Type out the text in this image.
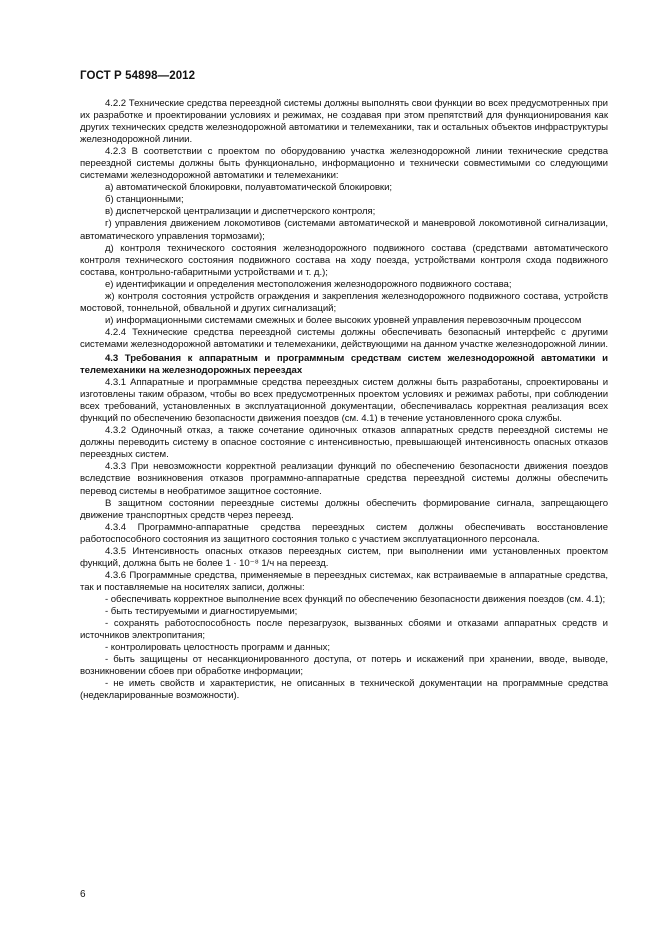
ГОСТ Р 54898—2012

4.2.2 Технические средства переездной системы должны выполнять свои функции во всех предусмотренных при их разработке и проектировании условиях и режимах, не создавая при этом препятствий для функционирования как других технических средств железнодорожной автоматики и телемеханики, так и остальных объектов инфраструктуры железнодорожной линии.

4.2.3 В соответствии с проектом по оборудованию участка железнодорожной линии технические средства переездной системы должны быть функционально, информационно и технически совместимыми со следующими системами железнодорожной автоматики и телемеханики:

а) автоматической блокировки, полуавтоматической блокировки;

б) станционными;

в) диспетчерской централизации и диспетчерского контроля;

г) управления движением локомотивов (системами автоматической и маневровой локомотивной сигнализации, автоматического управления тормозами);

д) контроля технического состояния железнодорожного подвижного состава (средствами автоматического контроля технического состояния подвижного состава на ходу поезда, устройствами контроля схода подвижного состава, контрольно-габаритными устройствами и т. д.);

е) идентификации и определения местоположения железнодорожного подвижного состава;

ж) контроля состояния устройств ограждения и закрепления железнодорожного подвижного состава, устройств мостовой, тоннельной, обвальной и других сигнализаций;

и) информационными системами смежных и более высоких уровней управления перевозочным процессом

4.2.4 Технические средства переездной системы должны обеспечивать безопасный интерфейс с другими системами железнодорожной автоматики и телемеханики, действующими на данном участке железнодорожной линии.

4.3 Требования к аппаратным и программным средствам систем железнодорожной автоматики и телемеханики на железнодорожных переездах

4.3.1 Аппаратные и программные средства переездных систем должны быть разработаны, спроектированы и изготовлены таким образом, чтобы во всех предусмотренных проектом условиях и режимах работы, при соблюдении всех требований, установленных в эксплуатационной документации, обеспечивалась корректная реализация всех функций по обеспечению безопасности движения поездов (см. 4.1) в течение установленного срока службы.

4.3.2 Одиночный отказ, а также сочетание одиночных отказов аппаратных средств переездной системы не должны переводить систему в опасное состояние с интенсивностью, превышающей интенсивность опасных отказов переездных систем.

4.3.3 При невозможности корректной реализации функций по обеспечению безопасности движения поездов вследствие возникновения отказов программно-аппаратные средства переездной системы должны обеспечить перевод системы в необратимое защитное состояние.

В защитном состоянии переездные системы должны обеспечить формирование сигнала, запрещающего движение транспортных средств через переезд.

4.3.4 Программно-аппаратные средства переездных систем должны обеспечивать восстановление работоспособного состояния из защитного состояния только с участием эксплуатационного персонала.

4.3.5 Интенсивность опасных отказов переездных систем, при выполнении ими установленных проектом функций, должна быть не более 1 · 10⁻⁸ 1/ч на переезд.

4.3.6 Программные средства, применяемые в переездных системах, как встраиваемые в аппаратные средства, так и поставляемые на носителях записи, должны:

- обеспечивать корректное выполнение всех функций по обеспечению безопасности движения поездов (см. 4.1);

- быть тестируемыми и диагностируемыми;

- сохранять работоспособность после перезагрузок, вызванных сбоями и отказами аппаратных средств и источников электропитания;

- контролировать целостность программ и данных;

- быть защищены от несанкционированного доступа, от потерь и искажений при хранении, вводе, выводе, возникновении сбоев при обработке информации;

- не иметь свойств и характеристик, не описанных в технической документации на программные средства (недекларированные возможности).

6
